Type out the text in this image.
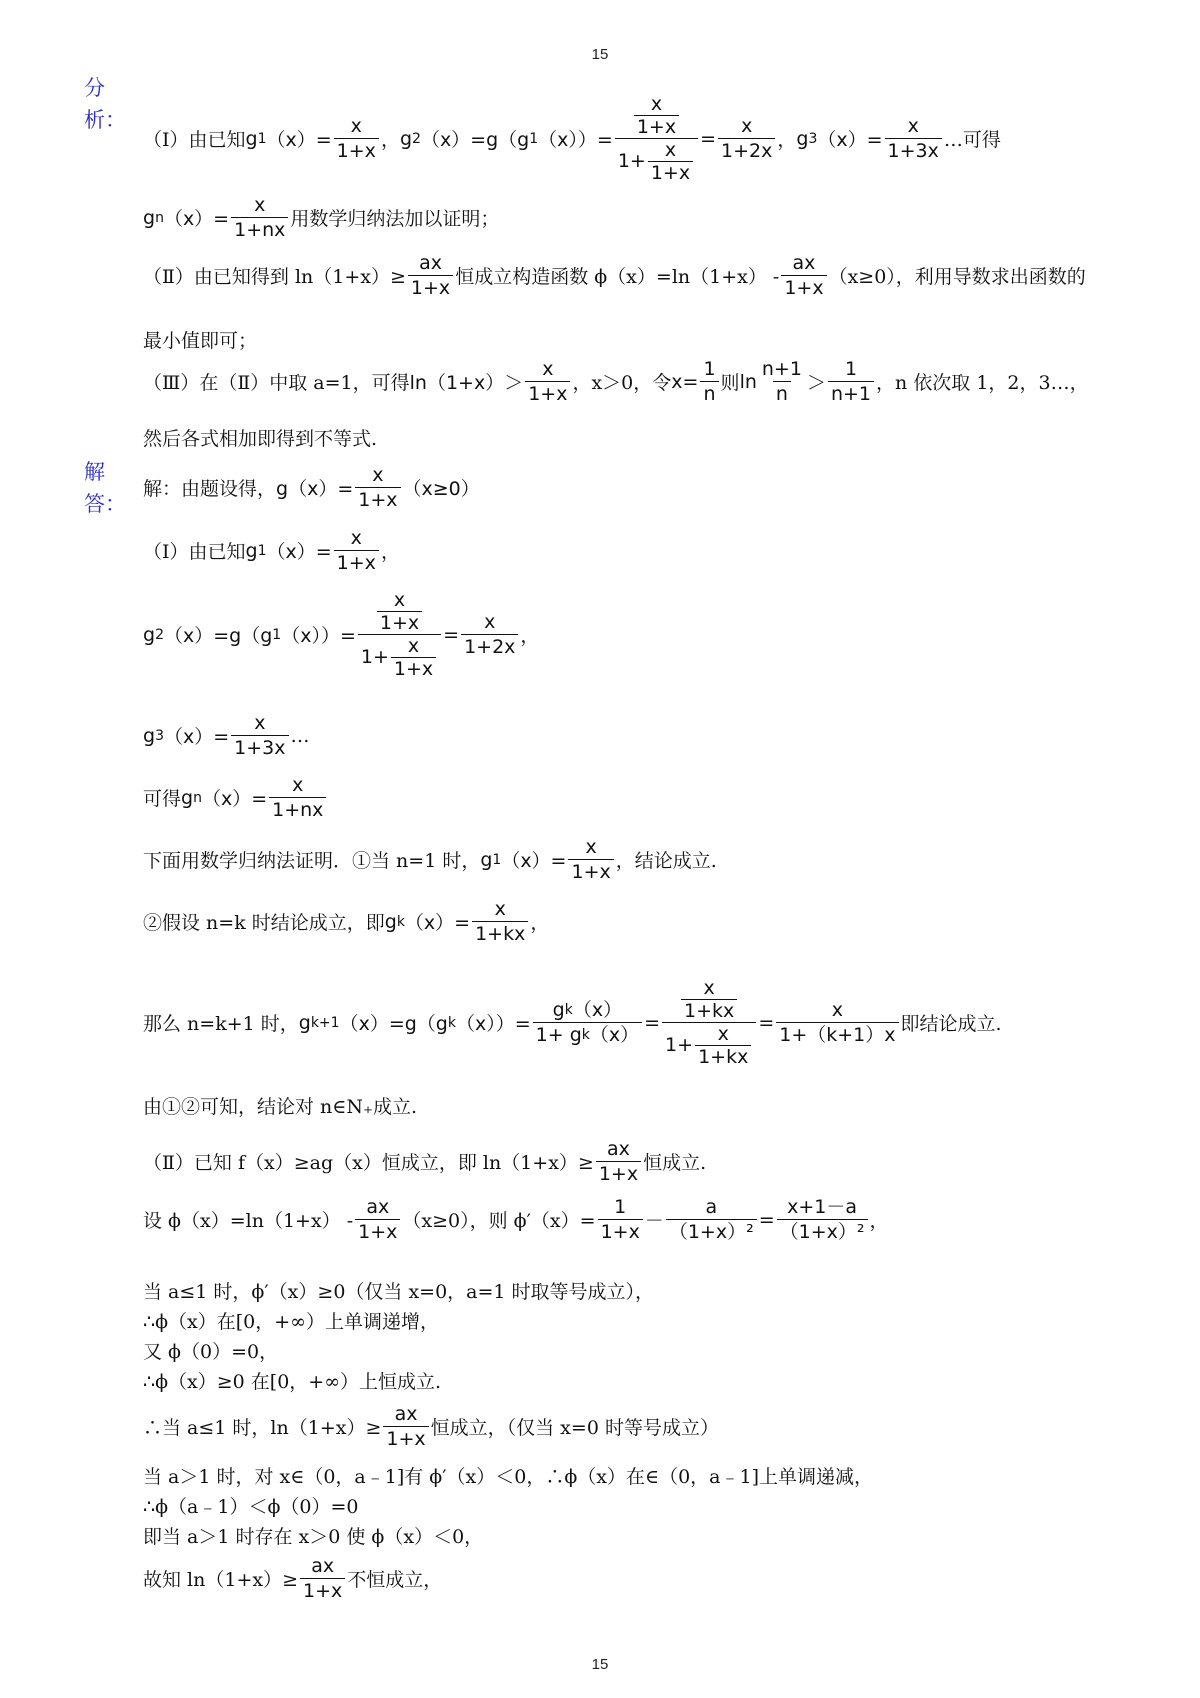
15
分析：
（Ⅰ）由已知 g 1 $(x)= \frac{x}{1+x}$ ， g 2 （x）=g（g 1 $(x))= \frac{\frac{x}{1+x}}{1+ \frac{x}{1+x}} = \frac{x}{1+2x}$ ， g 3 $(x)= \frac{x}{1+3x}$ …可得
g n $(x)= \frac{x}{1+nx}$ 用数学归纳法加以证明；
（Ⅱ）由已知得到 $\ln(1+x)\ge \frac{ax}{1+x}$ 恒成立构造函数 $\phi(x)=\ln(1+x) - \frac{ax}{1+x} (x\ge 0)$，利用导数求出函数的
最小值即可；
（Ⅲ）在（Ⅱ）中取 a=1，可得 $\ln(1+x)> \frac{x}{1+x}$ ，x＞0，令 $x= \frac{1}{n}$ 则 $\ln \frac{n+1}{n} > \frac{1}{n+1}$ ，n 依次取 1，2，3…，
然后各式相加即得到不等式.
解答：
解：由题设得， $g(x)= \frac{x}{1+x} (x\ge 0)$
（Ⅰ）由已知 g 1 $(x)= \frac{x}{1+x}$ ，
g 2 （x）=g（g 1 $(x))= \frac{\frac{x}{1+x}}{1+ \frac{x}{1+x}} = \frac{x}{1+2x}$ ，
g 3 $(x)= \frac{x}{1+3x}$ …
可得 g n $(x)= \frac{x}{1+nx}$
下面用数学归纳法证明．①当 n=1 时， g 1 $(x)= \frac{x}{1+x}$ ，结论成立.
②假设 n=k 时结论成立，即 g k $(x)= \frac{x}{1+kx}$ ，
那么 n=k+1 时， g k+1 （x）=g（g k $(x))= \frac{\text{g k （x）}}{\text{1+ g k （x）}} = \frac{\frac{x}{1+kx}}{1+ \frac{x}{1+kx}} = \frac{x}{1+(k+1)x}$ 即结论成立.
由①②可知，结论对 n∈N₊成立.
（Ⅱ）已知 f（x）≥ag（x）恒成立，即 $\ln(1+x)\ge \frac{ax}{1+x}$ 恒成立.
设 $\phi(x)=\ln(1+x) - \frac{ax}{1+x} (x\ge 0)$，则 $\phi'(x)= \frac{1}{1+x} - \frac{a}{\text{（1+x）²}} = \frac{x+1-a}{\text{（1+x）²}}$ ，
当 a≤1 时，ϕ′（x）≥0（仅当 x=0，a=1 时取等号成立），
∴ϕ（x）在[0，+∞）上单调递增，
又 ϕ（0）=0，
∴ϕ（x）≥0 在[0，+∞）上恒成立.
∴当 a≤1 时，$\ln(1+x)\ge \frac{ax}{1+x}$ 恒成立，（仅当 x=0 时等号成立）
当 a＞1 时，对 x∈（0，a﹣1]有 ϕ′（x）＜0，∴ϕ（x）在∈（0，a﹣1]上单调递减，
∴ϕ（a﹣1）＜ϕ（0）=0
即当 a＞1 时存在 x＞0 使 ϕ（x）＜0，
故知 $\ln(1+x)\ge \frac{ax}{1+x}$ 不恒成立，
15
